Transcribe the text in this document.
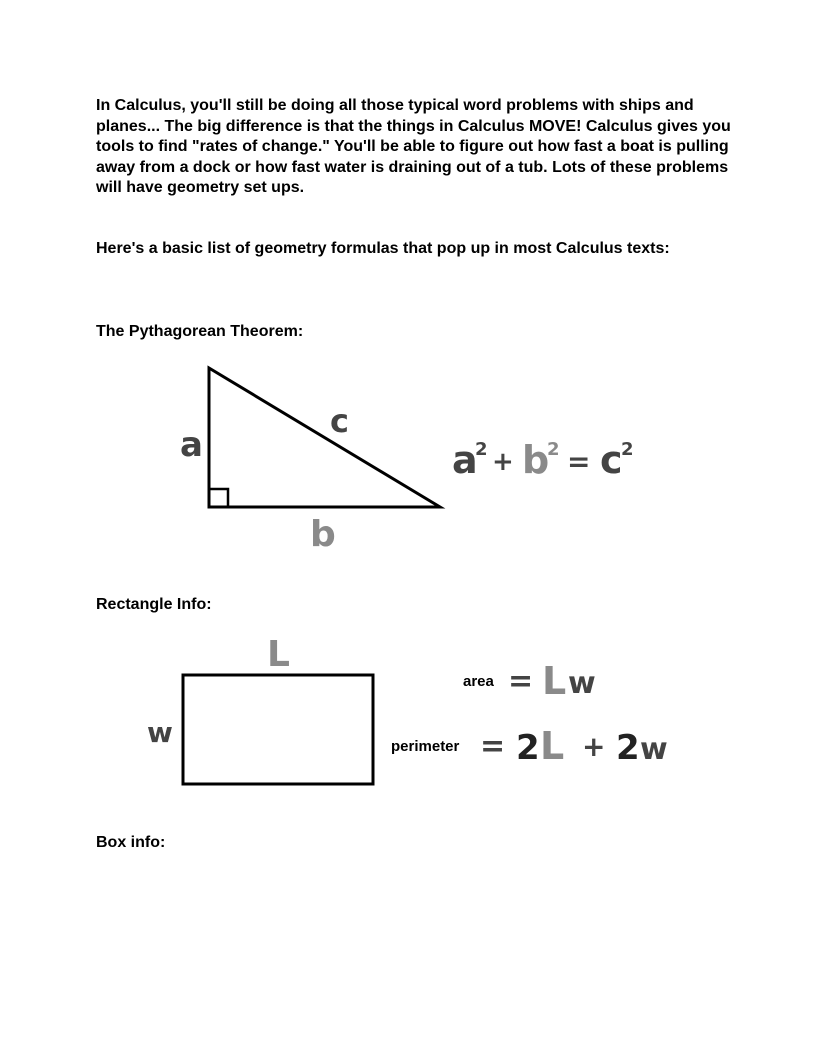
In Calculus, you'll still be doing all those typical word problems with ships and planes... The big difference is that the things in Calculus MOVE! Calculus gives you tools to find "rates of change." You'll be able to figure out how fast a boat is pulling away from a dock or how fast water is draining out of a tub. Lots of these problems will have geometry set ups.

Here's a basic list of geometry formulas that pop up in most Calculus texts:

The Pythagorean Theorem:
a
c
b
a
2 + b
2 = c
2
L
w
area = L w
perimeter = 2 L + 2 w
Rectangle Info:
Box info:
